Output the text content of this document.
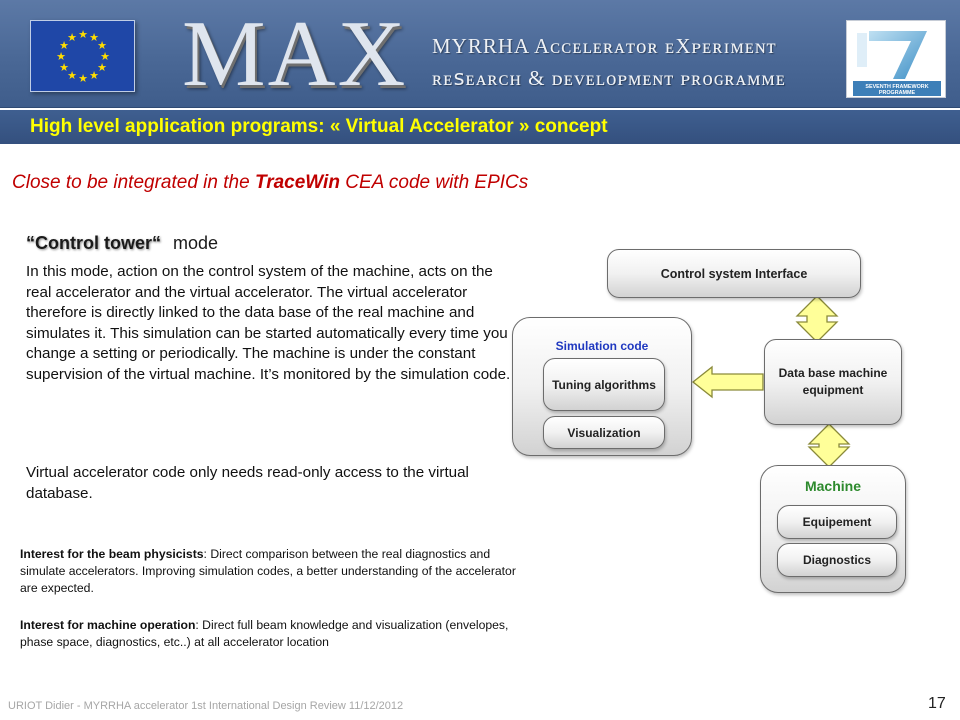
★ ★
★
★
★
★
★
★
★
★
★
★ MAX	MYRRHA Aᴄᴄᴇʟᴇʀᴀᴛᴏʀ ᴇXᴘᴇʀɪᴍᴇɴᴛ
ʀᴇꜱᴇᴀʀᴄʜ & ᴅᴇᴠᴇʟᴏᴘᴍᴇɴᴛ ᴘʀᴏɢʀᴀᴍᴍᴇ	SEVENTH FRAMEWORK
PROGRAMME
High level application programs: « Virtual Accelerator » concept
Close to be integrated in the TraceWin CEA code with EPICs
“Control tower“ mode
In this mode, action on the control system of the machine, acts on the real accelerator and the virtual accelerator. The virtual accelerator therefore is directly linked to the data base of the real machine and simulates it. This simulation can be started automatically every time you change a setting or periodically. The machine is under the constant supervision of the virtual machine. It’s monitored by the simulation code.
Virtual accelerator code only needs read-only access to the virtual database.
Interest for the beam physicists: Direct comparison between the real diagnostics and simulate accelerators. Improving simulation codes, a better understanding of the accelerator are expected.
Interest for machine operation: Direct full beam knowledge and visualization (envelopes, phase space, diagnostics, etc..) at all accelerator location
Control system Interface
Simulation code
Tuning algorithms
Visualization
Data base machine equipment
Machine
Equipement
Diagnostics
URIOT Didier - MYRRHA accelerator 1st International Design Review 11/12/2012	17
